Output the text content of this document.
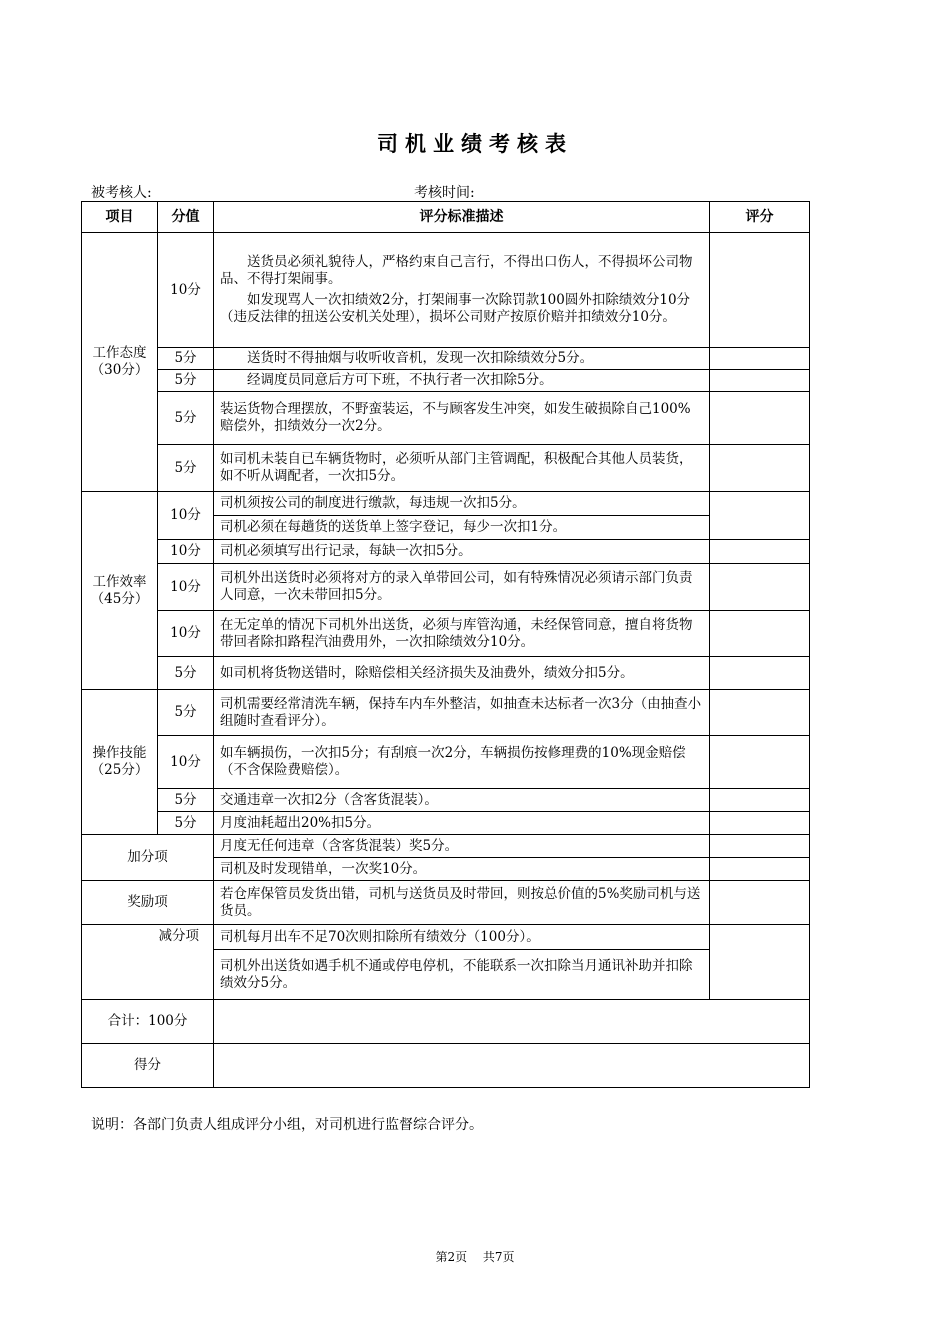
司机业绩考核表
被考核人:	考核时间:
项目	分值	评分标准描述	评分
工作态度（30分）	10分	送货员必须礼貌待人，严格约束自己言行，不得出口伤人，不得损坏公司物品、不得打架闹事。
如发现骂人一次扣绩效2分，打架闹事一次除罚款100圆外扣除绩效分10分（违反法律的扭送公安机关处理），损坏公司财产按原价赔并扣绩效分10分。	

	5分	送货时不得抽烟与收听收音机，发现一次扣除绩效分5分。	
	5分	经调度员同意后方可下班，不执行者一次扣除5分。	
	5分	装运货物合理摆放，不野蛮装运，不与顾客发生冲突，如发生破损除自己100%赔偿外，扣绩效分一次2分。	
	5分	如司机未装自已车辆货物时，必须听从部门主管调配，积极配合其他人员装货，如不听从调配者，一次扣5分。	
工作效率（45分）	10分	司机须按公司的制度进行缴款，每违规一次扣5分。	
		司机必须在每趟货的送货单上签字登记，每少一次扣1分。	
	10分	司机必须填写出行记录，每缺一次扣5分。	
	10分	司机外出送货时必须将对方的录入单带回公司，如有特殊情况必须请示部门负责人同意，一次未带回扣5分。	
	10分	在无定单的情况下司机外出送货，必须与库管沟通，未经保管同意，擅自将货物带回者除扣路程汽油费用外，一次扣除绩效分10分。	
	5分	如司机将货物送错时，除赔偿相关经济损失及油费外，绩效分扣5分。	
操作技能（25分）	5分	司机需要经常清洗车辆，保持车内车外整洁，如抽查未达标者一次3分（由抽查小组随时查看评分）。	
	10分	如车辆损伤，一次扣5分；有刮痕一次2分，车辆损伤按修理费的10%现金赔偿（不含保险费赔偿）。	
	5分	交通违章一次扣2分（含客货混装）。	
	5分	月度油耗超出20%扣5分。	
加分项		月度无任何违章（含客货混装）奖5分。	
		司机及时发现错单，一次奖10分。	
奖励项		若仓库保管员发货出错，司机与送货员及时带回，则按总价值的5%奖励司机与送货员。	
减分项		司机每月出车不足70次则扣除所有绩效分（100分）。	
		司机外出送货如遇手机不通或停电停机，不能联系一次扣除当月通讯补助并扣除绩效分5分。	
合计：100分			
得分			
说明：各部门负责人组成评分小组，对司机进行监督综合评分。
第2页 共7页
